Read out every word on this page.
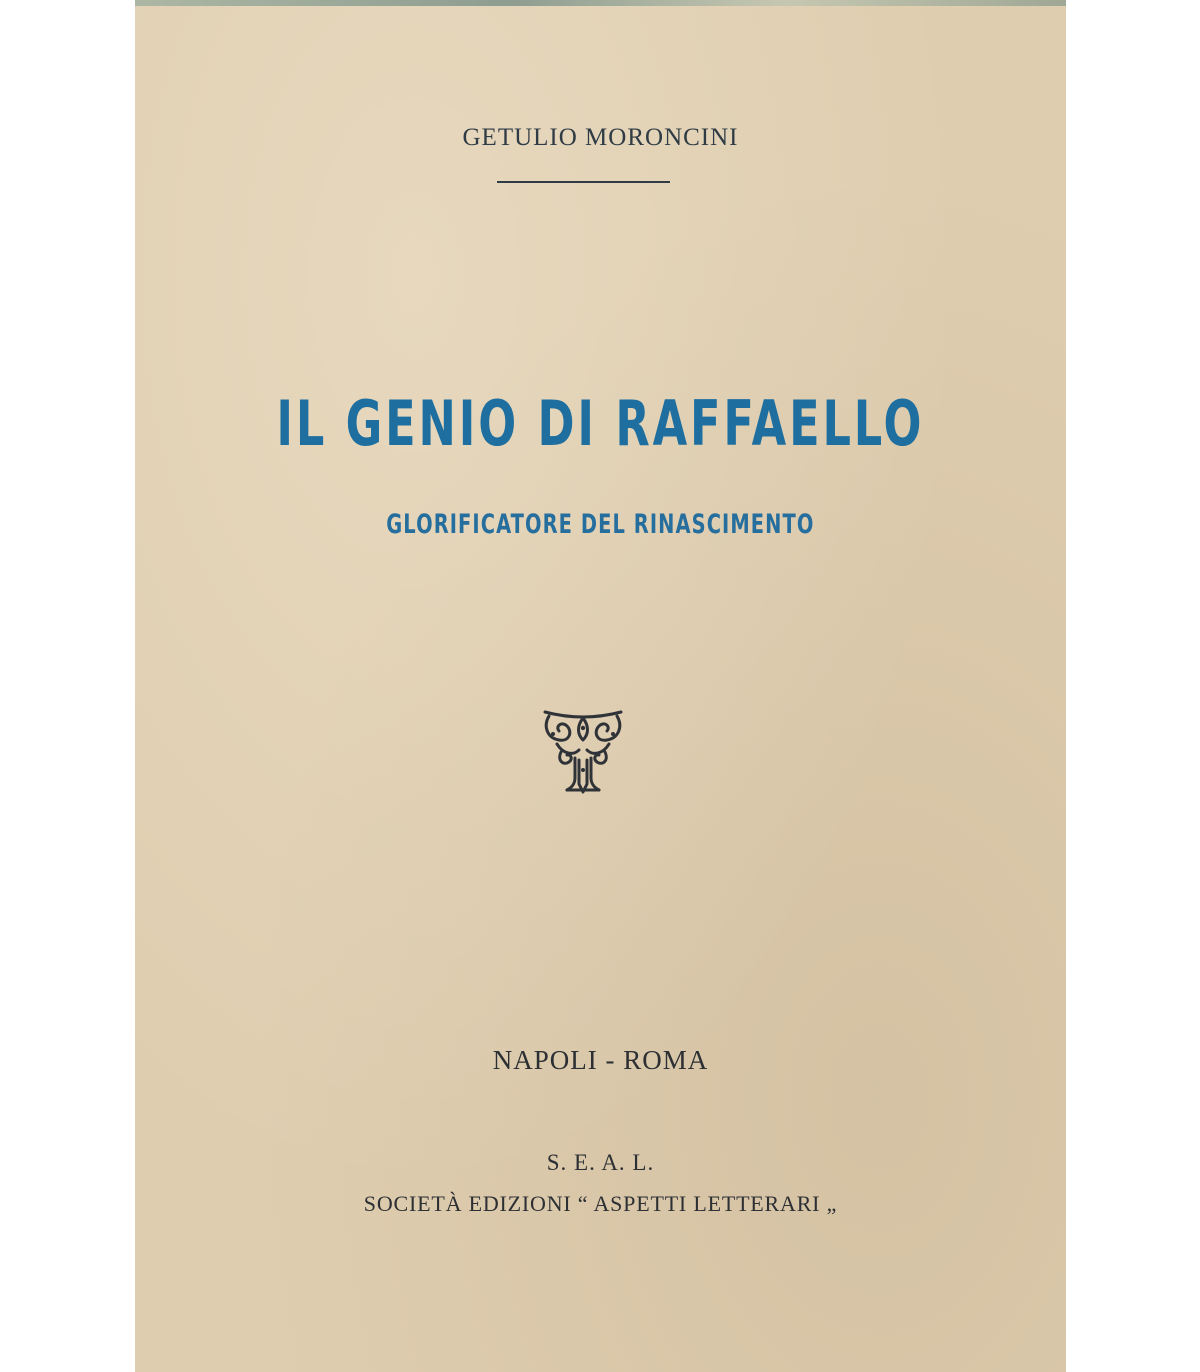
GETULIO MORONCINI
IL GENIO DI RAFFAELLO
GLORIFICATORE DEL RINASCIMENTO
NAPOLI - ROMA
S. E. A. L.
SOCIETÀ EDIZIONI “ ASPETTI LETTERARI „
